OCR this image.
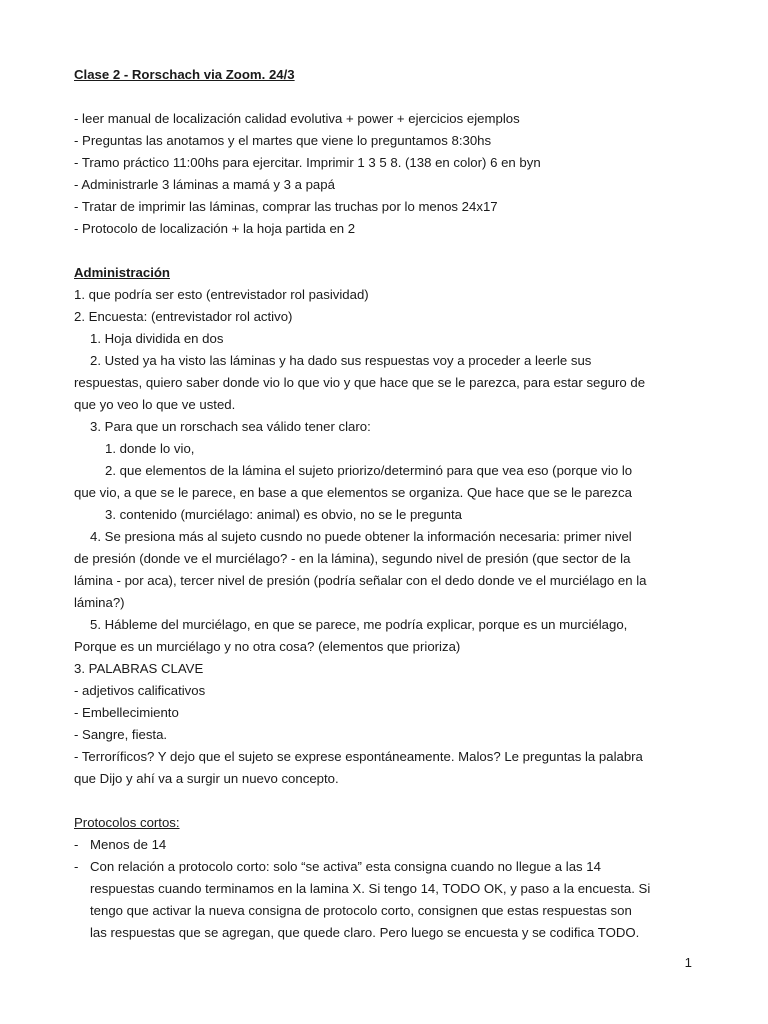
Clase 2 - Rorschach via Zoom. 24/3
- leer manual de localización calidad evolutiva + power + ejercicios ejemplos
- Preguntas las anotamos y el martes que viene lo preguntamos 8:30hs
- Tramo práctico 11:00hs para ejercitar. Imprimir 1 3 5 8. (138 en color) 6 en byn
- Administrarle 3 láminas a mamá y 3 a papá
- Tratar de imprimir las láminas, comprar las truchas por lo menos 24x17
- Protocolo de localización + la hoja partida en 2
Administración
1. que podría ser esto (entrevistador rol pasividad)
2. Encuesta: (entrevistador rol activo)
1. Hoja dividida en dos
2. Usted ya ha visto las láminas y ha dado sus respuestas voy a proceder a leerle sus
respuestas, quiero saber donde vio lo que vio y que hace que se le parezca, para estar seguro de
que yo veo lo que ve usted.
3. Para que un rorschach sea válido tener claro:
1. donde lo vio,
2. que elementos de la lámina el sujeto priorizo/determinó para que vea eso (porque vio lo
que vio, a que se le parece, en base a que elementos se organiza. Que hace que se le parezca
3. contenido (murciélago: animal) es obvio, no se le pregunta
4. Se presiona más al sujeto cusndo no puede obtener la información necesaria: primer nivel
de presión (donde ve el murciélago? - en la lámina), segundo nivel de presión (que sector de la
lámina - por aca), tercer nivel de presión (podría señalar con el dedo donde ve el murciélago en la
lámina?)
5. Hábleme del murciélago, en que se parece, me podría explicar, porque es un murciélago,
Porque es un murciélago y no otra cosa? (elementos que prioriza)
3. PALABRAS CLAVE
- adjetivos calificativos
- Embellecimiento
- Sangre, fiesta.
- Terroríficos? Y dejo que el sujeto se exprese espontáneamente. Malos? Le preguntas la palabra
que Dijo y ahí va a surgir un nuevo concepto.
Protocolos cortos:
- Menos de 14
- Con relación a protocolo corto: solo “se activa” esta consigna cuando no llegue a las 14
respuestas cuando terminamos en la lamina X. Si tengo 14, TODO OK, y paso a la encuesta. Si
tengo que activar la nueva consigna de protocolo corto, consignen que estas respuestas son
las respuestas que se agregan, que quede claro. Pero luego se encuesta y se codifica TODO.
1
